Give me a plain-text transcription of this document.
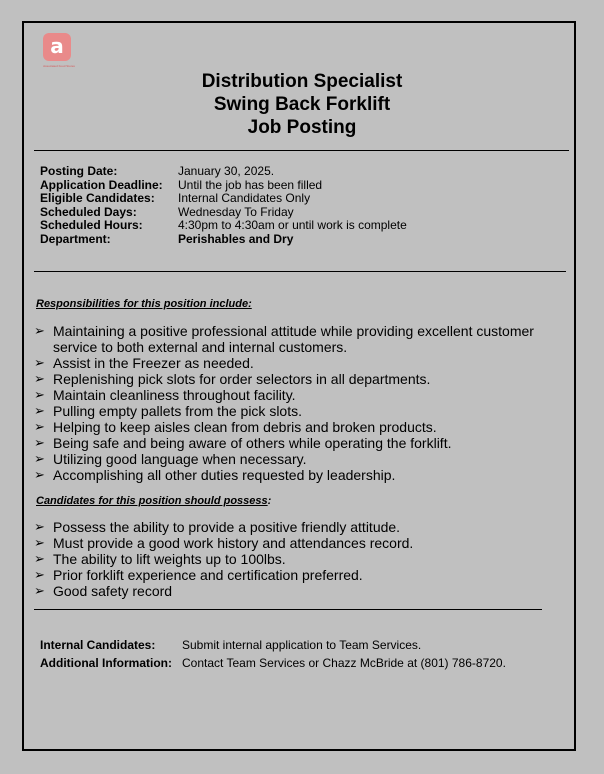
a
Associated Food Stores
Distribution Specialist
Swing Back Forklift
Job Posting
Posting Date:	January 30, 2025.
Application Deadline:	Until the job has been filled
Eligible Candidates:	Internal Candidates Only
Scheduled Days:	Wednesday To Friday
Scheduled Hours:	4:30pm to 4:30am or until work is complete
Department:	Perishables and Dry
Responsibilities for this position include:
➢ Maintaining a positive professional attitude while providing excellent customer service to both external and internal customers.
➢ Assist in the Freezer as needed.
➢ Replenishing pick slots for order selectors in all departments.
➢ Maintain cleanliness throughout facility.
➢ Pulling empty pallets from the pick slots.
➢ Helping to keep aisles clean from debris and broken products.
➢ Being safe and being aware of others while operating the forklift.
➢ Utilizing good language when necessary.
➢ Accomplishing all other duties requested by leadership.
Candidates for this position should possess:
➢ Possess the ability to provide a positive friendly attitude.
➢ Must provide a good work history and attendances record.
➢ The ability to lift weights up to 100lbs.
➢ Prior forklift experience and certification preferred.
➢ Good safety record
Internal Candidates:	Submit internal application to Team Services.
Additional Information: Contact Team Services or Chazz McBride at (801) 786-8720.
